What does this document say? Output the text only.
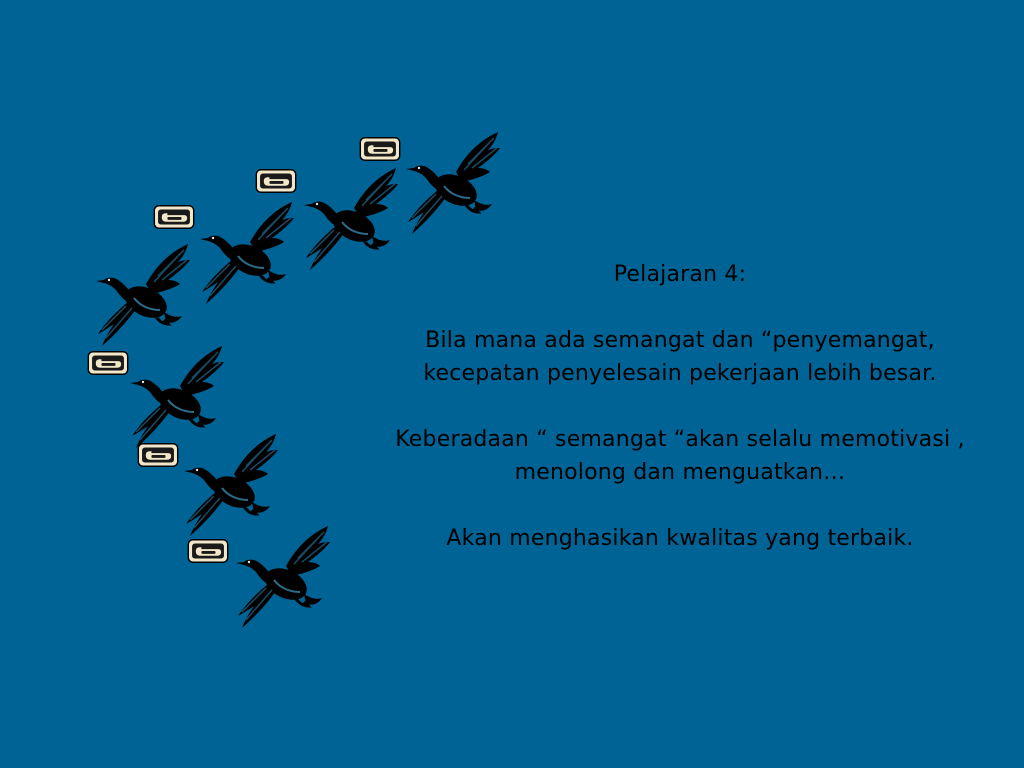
Pelajaran 4:

Bila mana ada semangat dan “penyemangat,
kecepatan penyelesain pekerjaan lebih besar.

Keberadaan “ semangat “akan selalu memotivasi ,
menolong dan menguatkan…

Akan menghasikan kwalitas yang terbaik.
